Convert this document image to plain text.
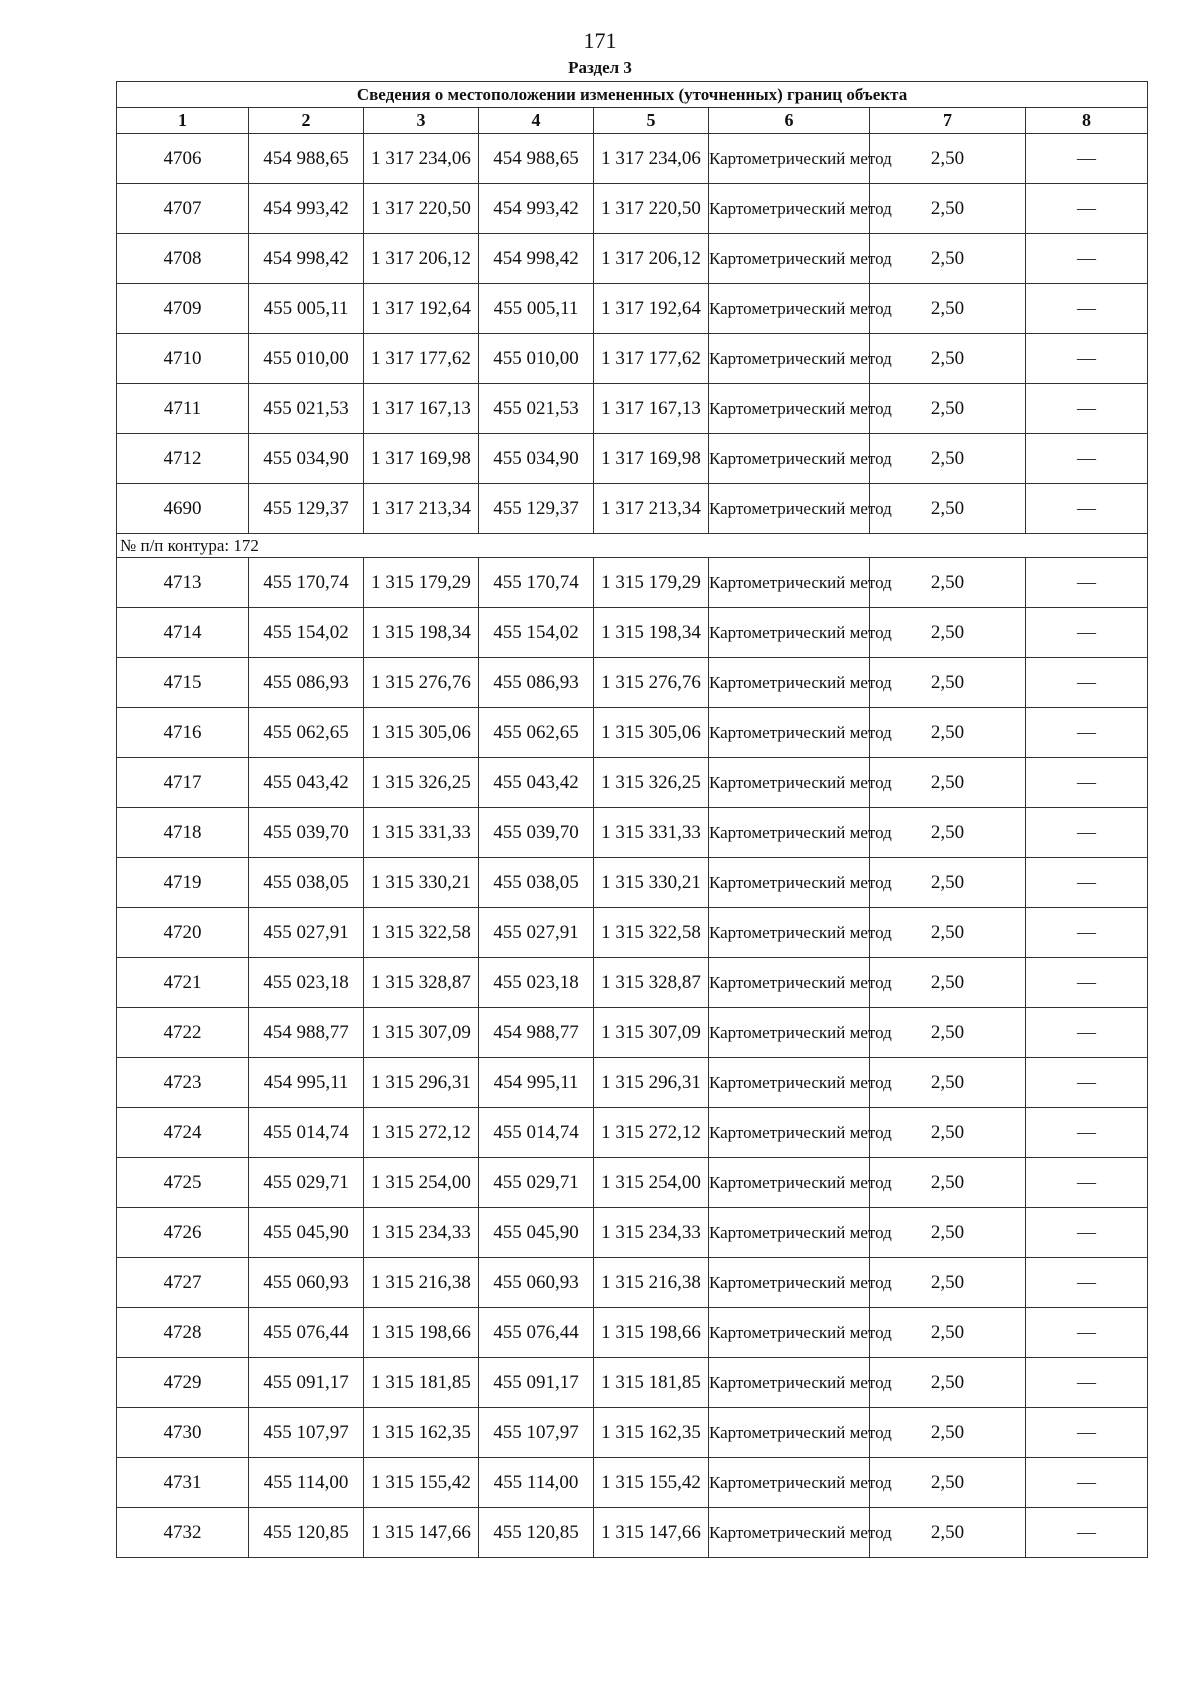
171
Раздел 3
Сведения о местоположении измененных (уточненных) границ объекта							
1	2	3	4	5	6	7	8
4706	454 988,65	1 317 234,06	454 988,65	1 317 234,06	Картометрический метод	2,50	—
4707	454 993,42	1 317 220,50	454 993,42	1 317 220,50	Картометрический метод	2,50	—
4708	454 998,42	1 317 206,12	454 998,42	1 317 206,12	Картометрический метод	2,50	—
4709	455 005,11	1 317 192,64	455 005,11	1 317 192,64	Картометрический метод	2,50	—
4710	455 010,00	1 317 177,62	455 010,00	1 317 177,62	Картометрический метод	2,50	—
4711	455 021,53	1 317 167,13	455 021,53	1 317 167,13	Картометрический метод	2,50	—
4712	455 034,90	1 317 169,98	455 034,90	1 317 169,98	Картометрический метод	2,50	—
4690	455 129,37	1 317 213,34	455 129,37	1 317 213,34	Картометрический метод	2,50	—
№ п/п контура: 172							
4713	455 170,74	1 315 179,29	455 170,74	1 315 179,29	Картометрический метод	2,50	—
4714	455 154,02	1 315 198,34	455 154,02	1 315 198,34	Картометрический метод	2,50	—
4715	455 086,93	1 315 276,76	455 086,93	1 315 276,76	Картометрический метод	2,50	—
4716	455 062,65	1 315 305,06	455 062,65	1 315 305,06	Картометрический метод	2,50	—
4717	455 043,42	1 315 326,25	455 043,42	1 315 326,25	Картометрический метод	2,50	—
4718	455 039,70	1 315 331,33	455 039,70	1 315 331,33	Картометрический метод	2,50	—
4719	455 038,05	1 315 330,21	455 038,05	1 315 330,21	Картометрический метод	2,50	—
4720	455 027,91	1 315 322,58	455 027,91	1 315 322,58	Картометрический метод	2,50	—
4721	455 023,18	1 315 328,87	455 023,18	1 315 328,87	Картометрический метод	2,50	—
4722	454 988,77	1 315 307,09	454 988,77	1 315 307,09	Картометрический метод	2,50	—
4723	454 995,11	1 315 296,31	454 995,11	1 315 296,31	Картометрический метод	2,50	—
4724	455 014,74	1 315 272,12	455 014,74	1 315 272,12	Картометрический метод	2,50	—
4725	455 029,71	1 315 254,00	455 029,71	1 315 254,00	Картометрический метод	2,50	—
4726	455 045,90	1 315 234,33	455 045,90	1 315 234,33	Картометрический метод	2,50	—
4727	455 060,93	1 315 216,38	455 060,93	1 315 216,38	Картометрический метод	2,50	—
4728	455 076,44	1 315 198,66	455 076,44	1 315 198,66	Картометрический метод	2,50	—
4729	455 091,17	1 315 181,85	455 091,17	1 315 181,85	Картометрический метод	2,50	—
4730	455 107,97	1 315 162,35	455 107,97	1 315 162,35	Картометрический метод	2,50	—
4731	455 114,00	1 315 155,42	455 114,00	1 315 155,42	Картометрический метод	2,50	—
4732	455 120,85	1 315 147,66	455 120,85	1 315 147,66	Картометрический метод	2,50	—
